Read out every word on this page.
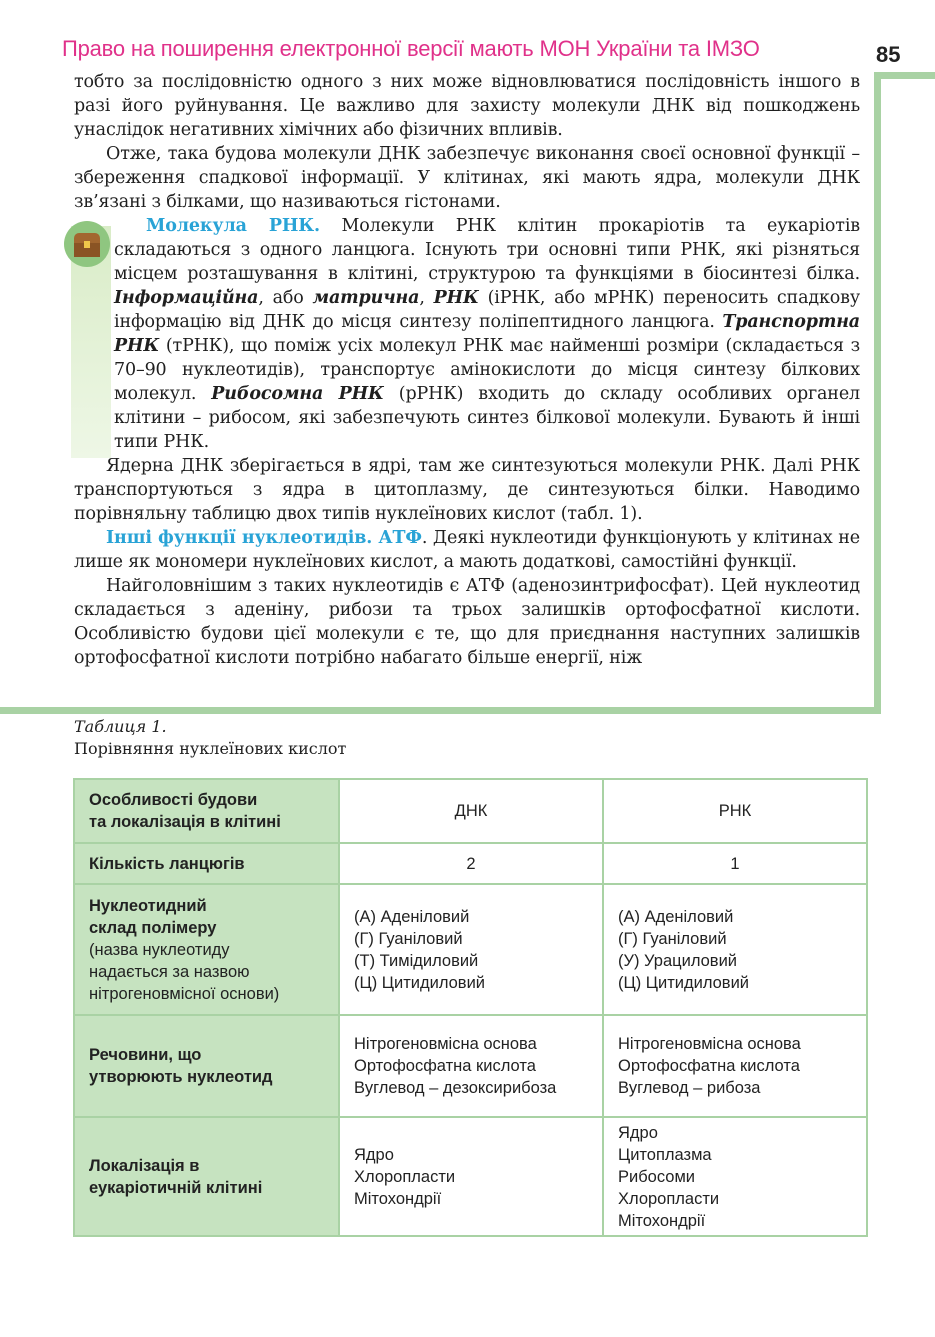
Право на поширення електронної версії мають МОН України та ІМЗО	85

тобто за послідовністю одного з них може відновлюватися послідовність іншого в разі його руйнування. Це важливо для захисту молекули ДНК від пошкоджень унаслідок негативних хімічних або фізичних впливів.

Отже, така будова молекули ДНК забезпечує виконання своєї основної функції – збереження спадкової інформації. У клітинах, які мають ядра, молекули ДНК зв’язані з білками, що називаються гістонами.

Молекула РНК. Молекули РНК клітин прокаріотів та еукаріотів складаються з одного ланцюга. Існують три основні типи РНК, які різняться місцем розташування в клітині, структурою та функціями в біосинтезі білка. Інформаційна, або матрична, РНК (іРНК, або мРНК) переносить спадкову інформацію від ДНК до місця синтезу поліпептидного ланцюга. Транспортна РНК (тРНК), що поміж усіх молекул РНК має найменші розміри (складається з 70–90 нуклеотидів), транспортує амінокислоти до місця синтезу білкових молекул. Рибосомна РНК (рРНК) входить до складу особливих органел клітини – рибосом, які забезпечують синтез білкової молекули. Бувають й інші типи РНК.

Ядерна ДНК зберігається в ядрі, там же синтезуються молекули РНК. Далі РНК транспортуються з ядра в цитоплазму, де синтезуються білки. Наводимо порівняльну таблицю двох типів нуклеїнових кислот (табл. 1).

Інші функції нуклеотидів. АТФ. Деякі нуклеотиди функціонують у клітинах не лише як мономери нуклеїнових кислот, а мають додаткові, самостійні функції.

Найголовнішим з таких нуклеотидів є АТФ (аденозинтрифосфат). Цей нуклеотид складається з аденіну, рибози та трьох залишків ортофосфатної кислоти. Особливістю будови цієї молекули є те, що для приєднання наступних залишків ортофосфатної кислоти потрібно набагато більше енергії, ніж

Таблиця 1.
Порівняння нуклеїнових кислот
Особливості будови
та локалізація в клітині	ДНК	РНК
Кількість ланцюгів	2	1

Нуклеотидний
склад полімеру
(назва нуклеотиду
надається за назвою
нітрогеновмісної основи)	(А) Аденіловий
(Г) Гуаніловий
(Т) Тимідиловий
(Ц) Цитидиловий	(А) Аденіловий
(Г) Гуаніловий
(У) Урациловий
(Ц) Цитидиловий

Речовини, що
утворюють нуклеотид	Нітрогеновмісна основа
Ортофосфатна кислота
Вуглевод – дезоксирибоза	Нітрогеновмісна основа
Ортофосфатна кислота
Вуглевод – рибоза

Локалізація в
еукаріотичній клітині	Ядро
Хлоропласти
Мітохондрії	Ядро
Цитоплазма
Рибосоми
Хлоропласти
Мітохондрії
